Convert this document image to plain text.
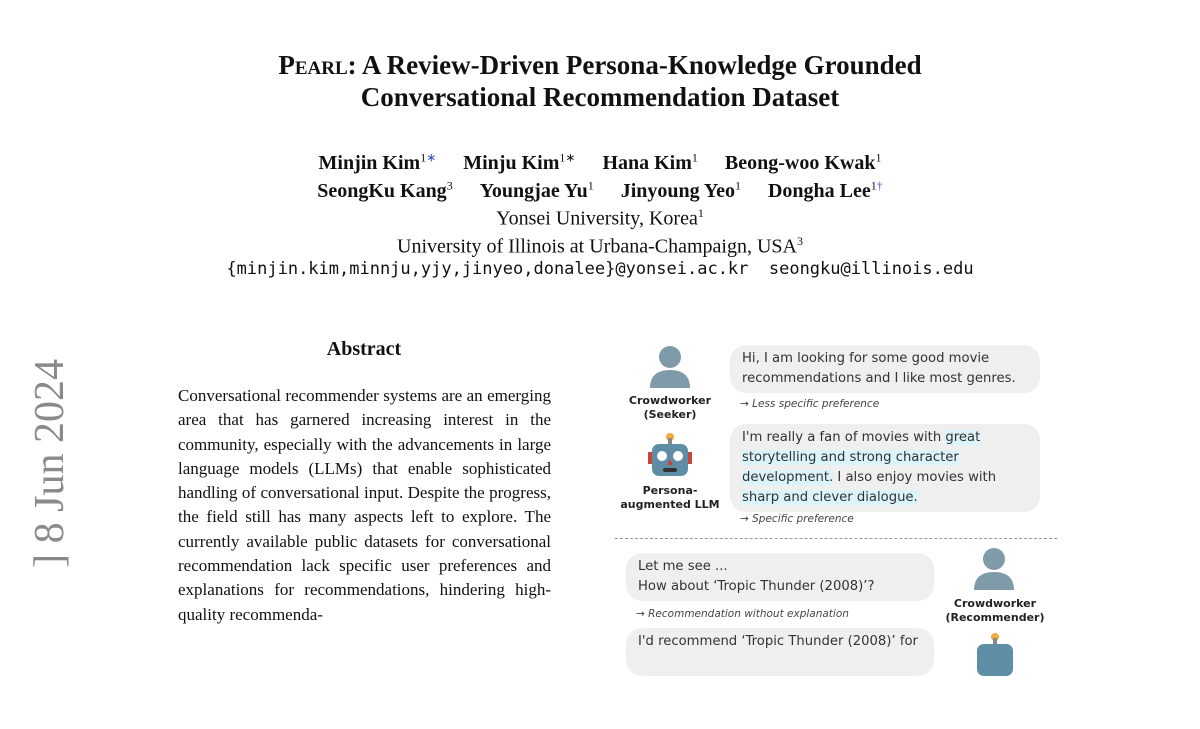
] 8 Jun 2024
Pearl: A Review-Driven Persona-Knowledge Grounded
Conversational Recommendation Dataset
Minjin Kim$^{1∗}$ Minju Kim$^{1∗}$ Hana Kim$^1$ Beong-woo Kwak$^1$
SeongKu Kang$^3$ Youngjae Yu$^1$ Jinyoung Yeo$^1$ Dongha Lee$^{1\dagger}$
Yonsei University, Korea$^1$
University of Illinois at Urbana-Champaign, USA$^3$
{minjin.kim,minnju,yjy,jinyeo,donalee}@yonsei.ac.kr  seongku@illinois.edu
Abstract
Conversational recommender systems are an emerging area that has garnered increasing interest in the community, especially with the advancements in large language models (LLMs) that enable sophisticated handling of conversational input. Despite the progress, the field still has many aspects left to explore. The currently available public datasets for conversational recommendation lack specific user preferences and explanations for recommendations, hindering high-quality recommenda-
Crowdworker (Seeker)
Persona-augmented LLM
Hi, I am looking for some good movie recommendations and I like most genres.
→ Less specific preference
I'm really a fan of movies with great storytelling and strong character development. I also enjoy movies with sharp and clever dialogue.
→ Specific preference
Let me see ...
How about ‘Tropic Thunder (2008)’?
→ Recommendation without explanation
I'd recommend ‘Tropic Thunder (2008)’ for
Crowdworker (Recommender)
